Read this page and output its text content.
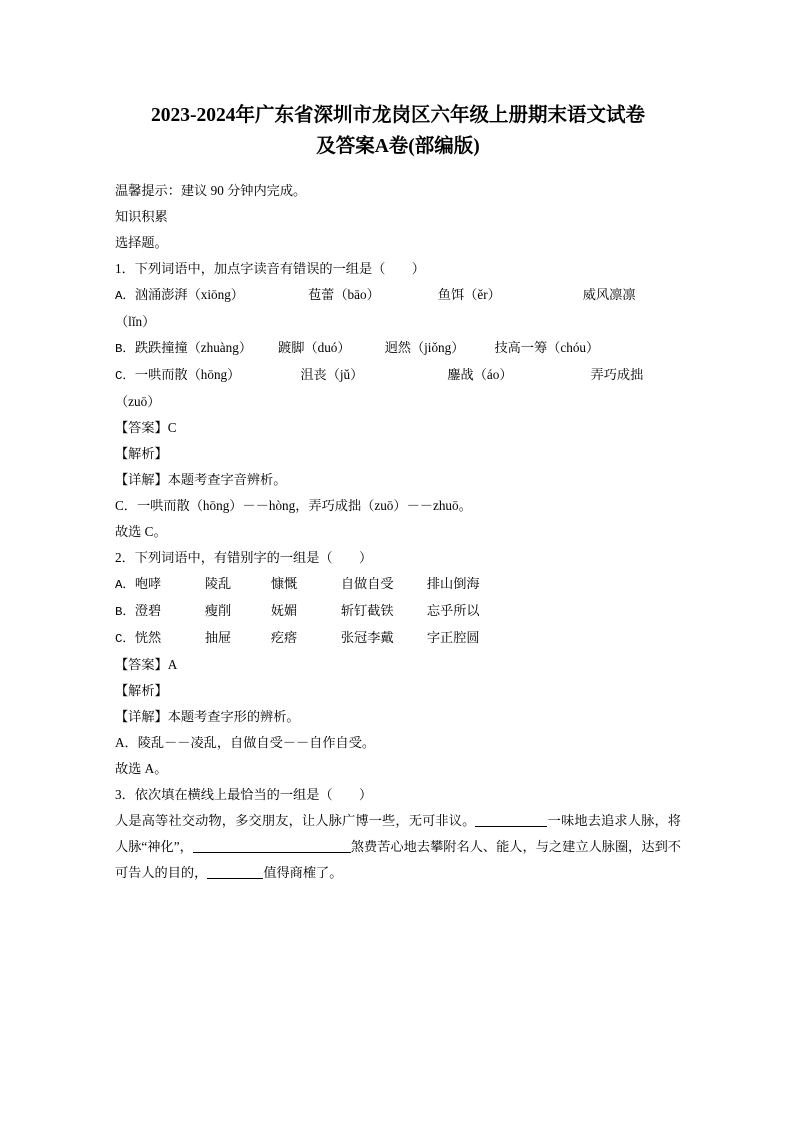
2023-2024年广东省深圳市龙岗区六年级上册期末语文试卷
及答案A卷(部编版)

温馨提示：建议 90 分钟内完成。

知识积累

选择题。

1．下列词语中，加点字读音有错误的一组是（        ）

A．汹涌澎湃（xiōng）	苞蕾（bāo）	鱼饵（ěr）	威风凛凛

（lǐn）

B．跌跌撞撞（zhuàng） 踱脚（duó）	迥然（jiǒng） 技高一筹（chóu）

C．一哄而散（hōng）	沮丧（jǔ）	鏖战（áo）	弄巧成拙

（zuō）

【答案】C

【解析】

【详解】本题考查字音辨析。

C．一哄而散（hōng）－－hòng，弄巧成拙（zuō）－－zhuō。

故选 C。

2．下列词语中，有错别字的一组是（        ）

A．咆哮	陵乱	慷慨	自做自受	排山倒海

B．澄碧	瘦削	妩媚	斩钉截铁	忘乎所以

C．恍然	抽屉	疙瘩	张冠李戴	字正腔圆

【答案】A

【解析】

【详解】本题考查字形的辨析。

A．陵乱－－凌乱，自做自受－－自作自受。

故选 A。

3．依次填在横线上最恰当的一组是（        ）

人是高等社交动物，多交朋友，让人脉广博一些，无可非议。	一味地去追求人脉，将人脉“神化”，	煞费苦心地去攀附名人、能人，与之建立人脉圈，达到不可告人的目的，	值得商榷了。
